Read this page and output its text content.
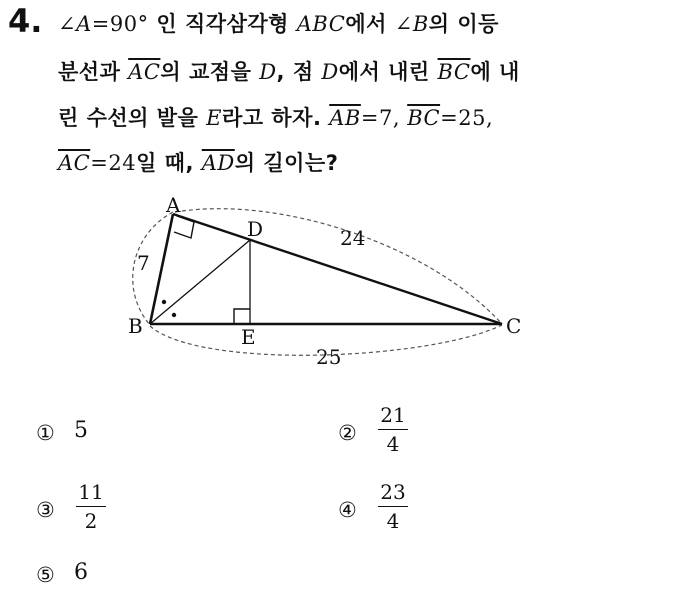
4. ∠A=90° 인 직각삼각형 ABC에서 ∠B의 이등
분선과 $\overline{AC}$의 교점을 D, 점 D에서 내린 $\overline{BC}$에 내
린 수선의 발을 E라고 하자. $\overline{AB}=7$, $\overline{BC}=25$,
$\overline{AC}=24$일 때, $\overline{AD}$의 길이는?
A
B	C
D
E
7
24
25
① 5	②
21
4
③
11
2	④
23
4
⑤ 6
